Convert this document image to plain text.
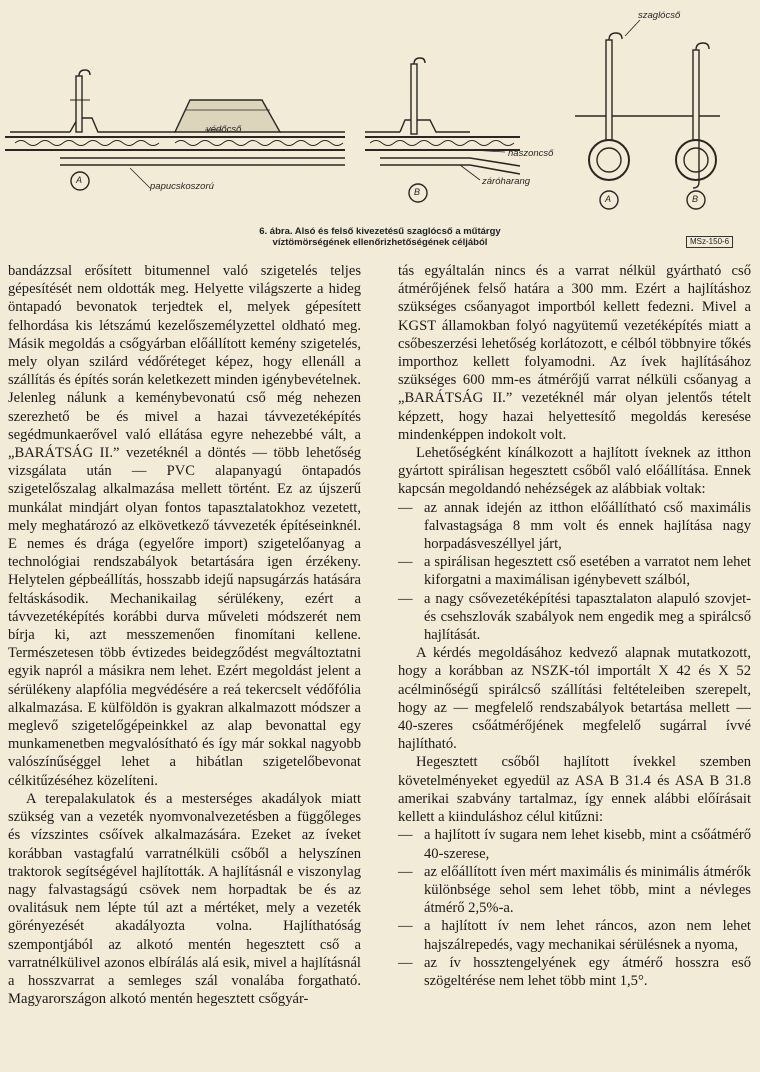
védőcső
papucskoszorú
haszoncső
záróharang
szaglócső
A
B
A	B
6. ábra. Alsó és felső kivezetésű szaglócső a műtárgy
víztömörségének ellenőrizhetőségének céljából	MSz-150-6

bandázzsal erősített bitumennel való szigetelés teljes gépesítését nem oldották meg. Helyette világszerte a hideg öntapadó bevonatok terjedtek el, melyek gépesített felhordása kis létszámú kezelőszemélyzettel oldható meg. Másik megoldás a csőgyárban előállított kemény szigetelés, mely olyan szilárd védőréteget képez, hogy ellenáll a szállítás és építés során keletkezett minden igénybevételnek. Jelenleg nálunk a keménybevonatú cső még nehezen szerezhető be és mivel a hazai távvezetéképítés segédmunkaerővel való ellátása egyre nehezebbé vált, a „BARÁTSÁG II.” vezetéknél a döntés — több lehetőség vizsgálata után — PVC alapanyagú öntapadós szigetelőszalag alkalmazása mellett történt. Ez az újszerű munkálat mindjárt olyan fontos tapasztalatokhoz vezetett, mely meghatározó az elkövetkező távvezeték építéseinknél. E nemes és drága (egyelőre import) szigetelőanyag a technológiai rendszabályok betartására igen érzékeny. Helytelen gépbeállítás, hosszabb idejű napsugárzás hatására feltáskásodik. Mechanikailag sérülékeny, ezért a távvezetéképítés korábbi durva műveleti módszerét nem bírja ki, azt messzemenően finomítani kellene. Természetesen több évtizedes beidegződést megváltoztatni egyik napról a másikra nem lehet. Ezért megoldást jelent a sérülékeny alapfólia megvédésére a reá tekercselt védőfólia alkalmazása. E külföldön is gyakran alkalmazott módszer a meglevő szigetelőgépeinkkel az alap bevonattal egy munkamenetben megvalósítható és így már sokkal nagyobb valószínűséggel lehet a hibátlan szigetelőbevonat célkitűzéséhez közelíteni.

A terepalakulatok és a mesterséges akadályok miatt szükség van a vezeték nyomvonalvezetésben a függőleges és vízszintes csőívek alkalmazására. Ezeket az íveket korábban vastagfalú varratnélküli csőből a helyszínen traktorok segítségével hajlították. A hajlításnál e viszonylag nagy falvastagságú csövek nem horpadtak be és az ovalitásuk nem lépte túl azt a mértéket, mely a vezeték görényezését akadályozta volna. Hajlíthatóság szempontjából az alkotó mentén hegesztett cső a varratnélkülivel azonos elbírálás alá esik, mivel a hajlításnál a hosszvarrat a semleges szál vonalába forgatható. Magyarországon alkotó mentén hegesztett csőgyár-

tás egyáltalán nincs és a varrat nélkül gyártható cső átmérőjének felső határa a 300 mm. Ezért a hajlításhoz szükséges csőanyagot importból kellett fedezni. Mivel a KGST államokban folyó nagyütemű vezetéképítés miatt a csőbeszerzési lehetőség korlátozott, e célból többnyire tőkés importhoz kellett folyamodni. Az ívek hajlításához szükséges 600 mm-es átmérőjű varrat nélküli csőanyag a „BARÁTSÁG II.” vezetéknél már olyan jelentős tételt képzett, hogy hazai helyettesítő megoldás keresése mindenképpen indokolt volt.

Lehetőségként kínálkozott a hajlított íveknek az itthon gyártott spirálisan hegesztett csőből való előállítása. Ennek kapcsán megoldandó nehézségek az alábbiak voltak:

— az annak idején az itthon előállítható cső maximális falvastagsága 8 mm volt és ennek hajlítása nagy horpadásveszéllyel járt,
— a spirálisan hegesztett cső esetében a varratot nem lehet kiforgatni a maximálisan igénybevett szálból,
— a nagy csővezetéképítési tapasztalaton alapuló szovjet- és csehszlovák szabályok nem engedik meg a spirálcső hajlítását.

A kérdés megoldásához kedvező alapnak mutatkozott, hogy a korábban az NSZK-tól importált X 42 és X 52 acélminőségű spirálcső szállítási feltételeiben szerepelt, hogy az — megfelelő rendszabályok betartása mellett — 40-szeres csőátmérőjének megfelelő sugárral ívvé hajlítható.

Hegesztett csőből hajlított ívekkel szemben követelményeket egyedül az ASA B 31.4 és ASA B 31.8 amerikai szabvány tartalmaz, így ennek alábbi előírásait kellett a kiinduláshoz célul kitűzni:

— a hajlított ív sugara nem lehet kisebb, mint a csőátmérő 40-szerese,
— az előállított íven mért maximális és minimális átmérők különbsége sehol sem lehet több, mint a névleges átmérő 2,5%-a.
— a hajlított ív nem lehet ráncos, azon nem lehet hajszálrepedés, vagy mechanikai sérülésnek a nyoma,
— az ív hossztengelyének egy átmérő hosszra eső szögeltérése nem lehet több mint 1,5°.
